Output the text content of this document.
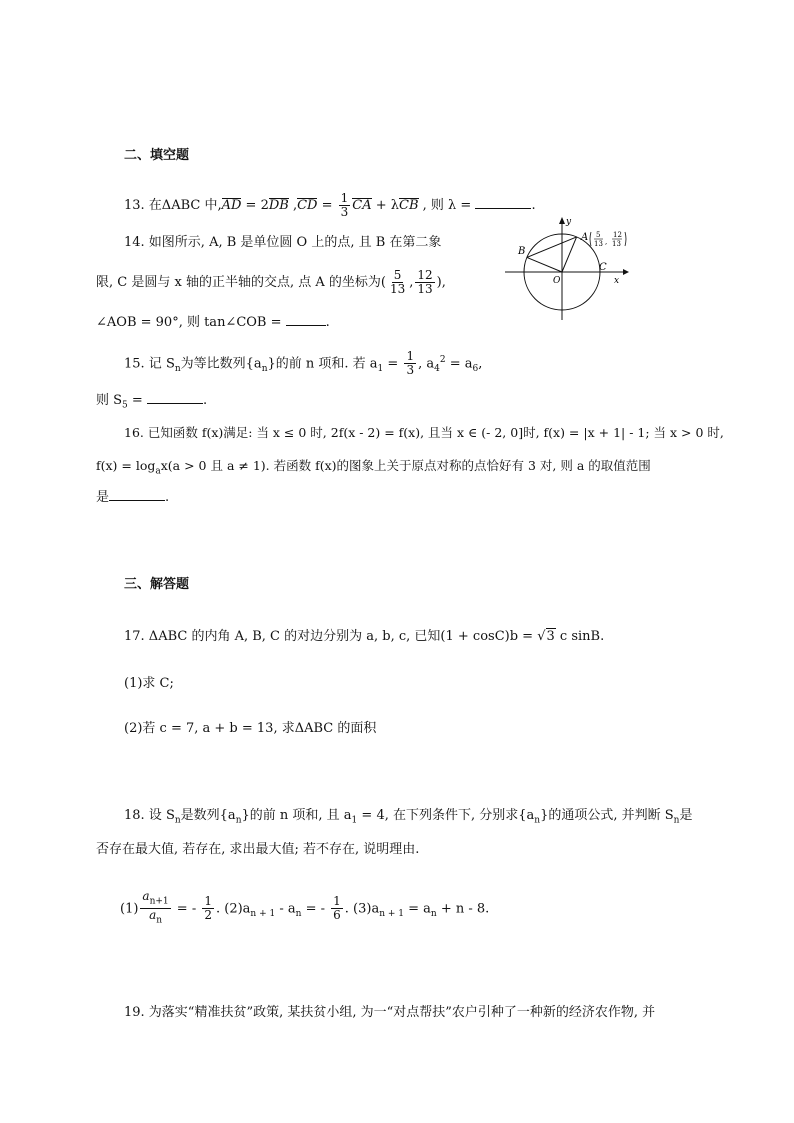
二、填空题
13. 在ΔABC 中,AD = 2DB $,CD = \frac{1}{3}$ CA + λCB , 则 λ =	.
14. 如图所示, A, B 是单位圆 O 上的点, 且 B 在第二象
限, C 是圆与 x 轴的正半轴的交点, 点 A 的坐标为( $\frac{5}{13}$ , $\frac{12}{13}$ ),
∠AOB = 90°, 则 tan∠COB =	.
y
x
O
A
B
C
5
13 ,
12
13
15. 记 $S_n$为等比数列$\{a_n\}$的前 n 项和. 若 $a_1 = \frac{1}{3}$ , $a_4^2 = a_6$,
则 $S_5$ =	.
16. 已知函数 f(x)满足: 当 x ≤ 0 时, 2f(x - 2) = f(x), 且当 x ∈ (- 2, 0]时, f(x) = |x + 1| - 1; 当 x > 0 时,
$f(x) = \log_ax(a > 0$ 且 a ≠ 1). 若函数 f(x)的图象上关于原点对称的点恰好有 3 对, 则 a 的取值范围
是	.
三、解答题
17. ΔABC 的内角 A, B, C 的对边分别为 a, b, c, 已知(1 + cosC)b = √3 c sinB.
(1)求 C;
(2)若 c = 7, a + b = 13, 求ΔABC 的面积
18. 设 $S_n$是数列$\{a_n\}$的前 n 项和, 且 $a_1 = 4$, 在下列条件下, 分别求$\{a_n\}$的通项公式, 并判断 $S_n$是
否存在最大值, 若存在, 求出最大值; 若不存在, 说明理由.
$(1) \frac{a_{n+1}}{a_n}$ = - $\frac{1}{2}$ . $(2)a_{n + 1} - a_n$ = - $\frac{1}{6}$ . $(3)a_{n + 1} = a_n + n - 8$.
19. 为落实“精准扶贫”政策, 某扶贫小组, 为一“对点帮扶”农户引种了一种新的经济农作物, 并
